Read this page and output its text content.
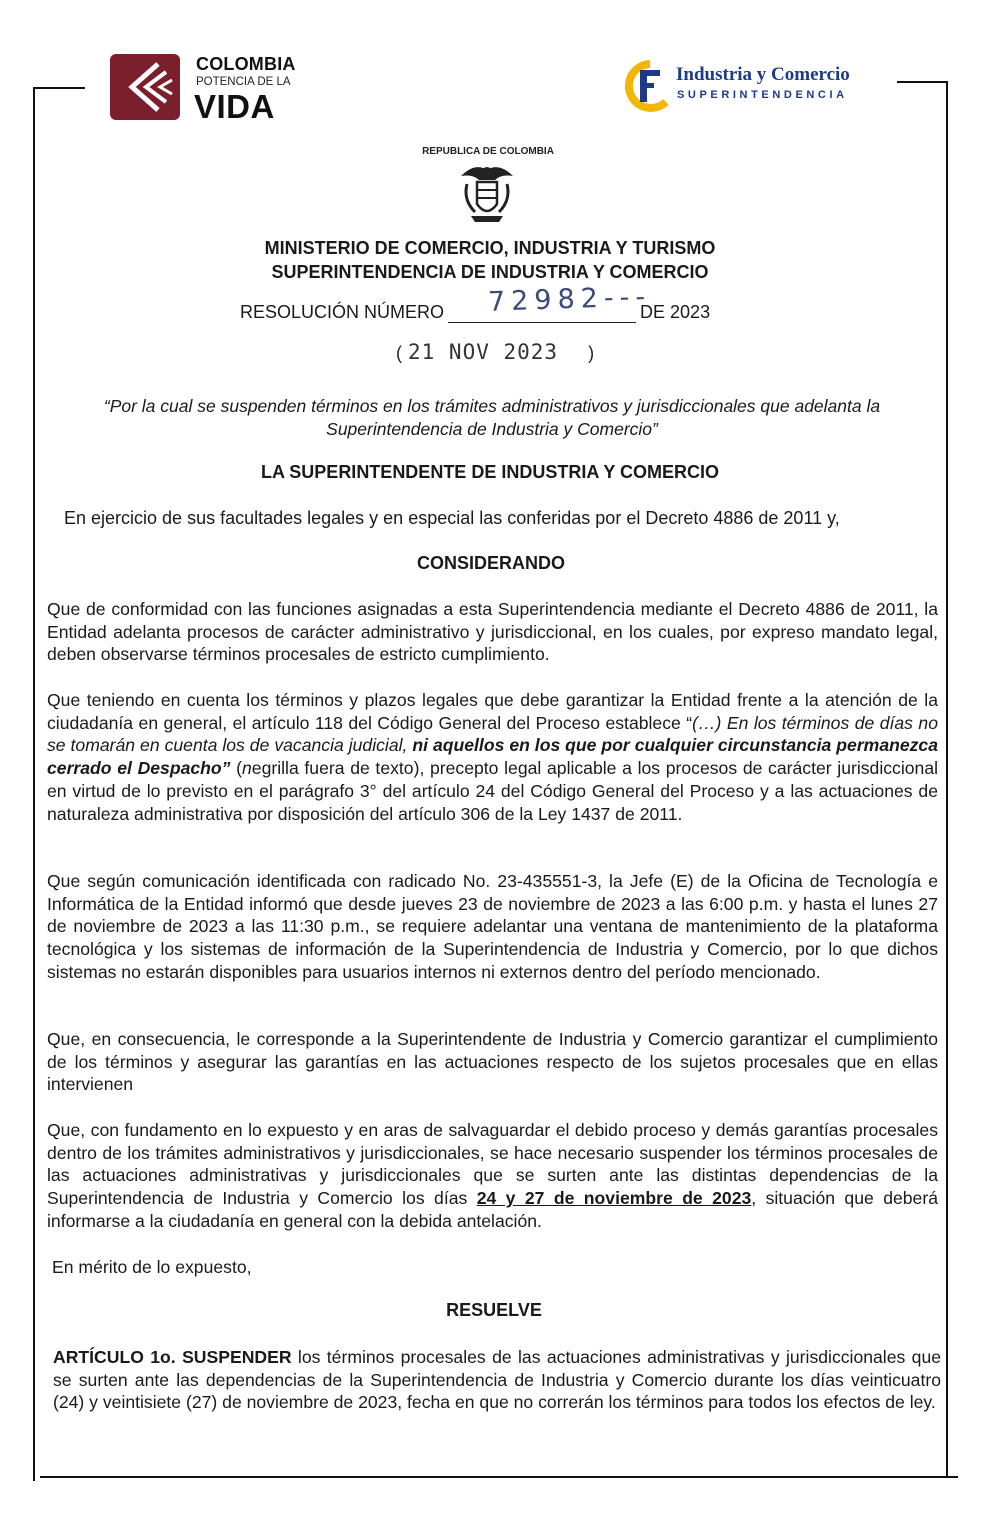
COLOMBIA
POTENCIA DE LA
VIDA
Industria y Comercio
SUPERINTENDENCIA
REPUBLICA DE COLOMBIA
MINISTERIO DE COMERCIO, INDUSTRIA Y TURISMO
SUPERINTENDENCIA DE INDUSTRIA Y COMERCIO
RESOLUCIÓN NÚMERO	DE 2023
72982---
( 21 NOV 2023 )
“Por la cual se suspenden términos en los trámites administrativos y jurisdiccionales que adelanta la Superintendencia de Industria y Comercio”
LA SUPERINTENDENTE DE INDUSTRIA Y COMERCIO
En ejercicio de sus facultades legales y en especial las conferidas por el Decreto 4886 de 2011 y,
CONSIDERANDO
Que de conformidad con las funciones asignadas a esta Superintendencia mediante el Decreto 4886 de 2011, la Entidad adelanta procesos de carácter administrativo y jurisdiccional, en los cuales, por expreso mandato legal, deben observarse términos procesales de estricto cumplimiento.
Que teniendo en cuenta los términos y plazos legales que debe garantizar la Entidad frente a la atención de la ciudadanía en general, el artículo 118 del Código General del Proceso establece “(…) En los términos de días no se tomarán en cuenta los de vacancia judicial, ni aquellos en los que por cualquier circunstancia permanezca cerrado el Despacho” (negrilla fuera de texto), precepto legal aplicable a los procesos de carácter jurisdiccional en virtud de lo previsto en el parágrafo 3° del artículo 24 del Código General del Proceso y a las actuaciones de naturaleza administrativa por disposición del artículo 306 de la Ley 1437 de 2011.
Que según comunicación identificada con radicado No. 23-435551-3, la Jefe (E) de la Oficina de Tecnología e Informática de la Entidad informó que desde jueves 23 de noviembre de 2023 a las 6:00 p.m. y hasta el lunes 27 de noviembre de 2023 a las 11:30 p.m., se requiere adelantar una ventana de mantenimiento de la plataforma tecnológica y los sistemas de información de la Superintendencia de Industria y Comercio, por lo que dichos sistemas no estarán disponibles para usuarios internos ni externos dentro del período mencionado.
Que, en consecuencia, le corresponde a la Superintendente de Industria y Comercio garantizar el cumplimiento de los términos y asegurar las garantías en las actuaciones respecto de los sujetos procesales que en ellas intervienen
Que, con fundamento en lo expuesto y en aras de salvaguardar el debido proceso y demás garantías procesales dentro de los trámites administrativos y jurisdiccionales, se hace necesario suspender los términos procesales de las actuaciones administrativas y jurisdiccionales que se surten ante las distintas dependencias de la Superintendencia de Industria y Comercio los días 24 y 27 de noviembre de 2023, situación que deberá informarse a la ciudadanía en general con la debida antelación.
En mérito de lo expuesto,
RESUELVE
ARTÍCULO 1o. SUSPENDER los términos procesales de las actuaciones administrativas y jurisdiccionales que se surten ante las dependencias de la Superintendencia de Industria y Comercio durante los días veinticuatro (24) y veintisiete (27) de noviembre de 2023, fecha en que no correrán los términos para todos los efectos de ley.
